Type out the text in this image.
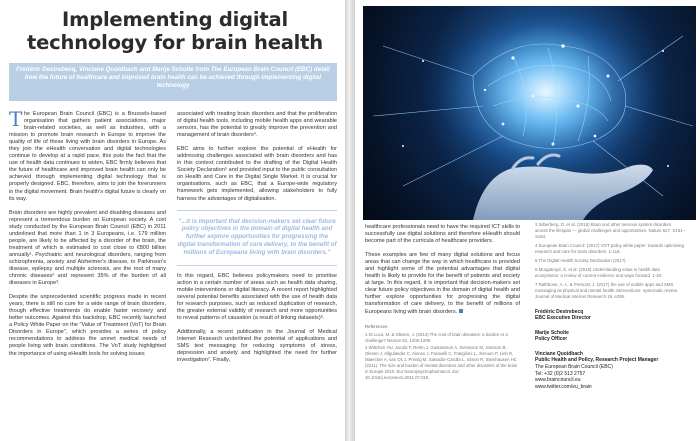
Implementing digital technology for brain health
Frédéric Destrebecq, Vinciane Quoidbach and Marije Scholte from The European Brain Council (EBC) detail how the future of healthcare and improved brain health can be achieved through implementing digital technology

The European Brain Council (EBC) is a Brussels-based organisation that gathers patient associations, major brain-related societies, as well as industries, with a mission to promote brain research in Europe to improve the quality of life of those living with brain disorders in Europe. As they join the eHealth conversation and digital technologies continue to develop at a rapid pace, this puts the fact that the use of health data continues to widen, EBC firmly believes that the future of healthcare and improved brain health can only be achieved through implementing digital technology that is properly designed. EBC, therefore, aims to join the forerunners in the digital movement. Brain health's digital future is clearly on its way.

Brain disorders are highly prevalent and disabling diseases and represent a tremendous burden on European society. A cost study conducted by the European Brain Council (EBC) in 2011 underlined that more than 1 in 3 Europeans, i.e. 179 million people, are likely to be affected by a disorder of the brain, the treatment of which is estimated to cost close to €800 billion annually¹. Psychiatric and neurological disorders, ranging from schizophrenia, anxiety and Alzheimer's disease, to Parkinson's disease, epilepsy and multiple sclerosis, are the root of many chronic diseases² and represent 35% of the burden of all diseases in Europe³.

Despite the unprecedented scientific progress made in recent years, there is still no cure for a wide range of brain disorders, though effective treatments do enable faster recovery and better outcomes. Against this backdrop, EBC recently launched a Policy White Paper on the "Value of Treatment (VoT) for Brain Disorders in Europe", which provides a series of policy recommendations to address the unmet medical needs of people living with brain conditions. The VoT study highlighted the importance of using eHealth tools for solving issues

associated with treating brain disorders and that the proliferation of digital health tools, including mobile health apps and wearable sensors, has the potential to greatly improve the prevention and management of brain disorders⁴.

EBC aims to further explore the potential of eHealth for addressing challenges associated with brain disorders and has in this context contributed to the drafting of the Digital Health Society Declaration⁵ and provided input to the public consultation on Health and Care in the Digital Single Market. It is crucial for organisations, such as EBC, that a Europe-wide regulatory framework gets implemented, allowing stakeholders to fully harness the advantages of digitalisation.

"...it is important that decision-makers set clear future policy objectives in the domain of digital health and further explore opportunities for progressing the digital transformation of care delivery, to the benefit of millions of Europeans living with brain disorders."

In this regard, EBC believes policymakers need to prioritise action in a certain number of areas such as health data sharing, mobile interventions or digital literacy. A recent report highlighted several potential benefits associated with the use of health data for research purposes, such as reduced duplication of research, the greater external validity of research and more opportunities to reveal patterns of causation (a result of linking datasets)⁶.

Additionally, a recent publication in the Journal of Medical Internet Research underlined the potential of applications and SMS text messaging for reducing symptoms of stress, depression and anxiety and highlighted the need for further investigation⁷. Finally,

healthcare professionals need to have the required ICT skills to successfully use digital solutions and therefore eHealth should become part of the curricula of healthcare providers.

These examples are few of many digital solutions and focus areas that can change the way in which healthcare is provided and highlight some of the potential advantages that digital health is likely to provide for the benefit of patients and society at large. In this regard, it is important that decision-makers set clear future policy objectives in the domain of digital health and further explore opportunities for progressing the digital transformation of care delivery, to the benefit of millions of Europeans living with brain disorders.

References

1 Di Luca, M. & Olesen, J. (2014) The cost of brain diseases: a burden or a challenge? Neuron 82, 1205-1208.

2 Wittchen HU, Jacobi F, Rehm J, Gustavsson A, Svensson M, Jönsson B, Olesen J, Allgulander C, Alonso J, Faravelli C, Fratiglioni L, Jennum P, Lieb R, Maercker A, van Os J, Preisig M, Salvador-Carulla L, Simon R, Steinhausen HC (2011). The size and burden of mental disorders and other disorders of the brain in Europe 2010. Eur Neuropsychopharmacol. doi: 10.1016/j.euroneuro.2011.07.018.

3 Silberberg, D. et al. (2015) Brain and other nervous system disorders across the lifespan — global challenges and opportunities. Nature 527, S151–S154.

4 European Brain Council. (2017) VOT policy white paper: towards optimising research and care for brain disorders. 1-116.

5 The Digital Health Society Declaration (2017).

6 Murgatroyd, S. et al. (2015) Understanding value in health data ecosystems: a review of current evidence and ways forward. 1-40.

7 Rathbone, A. L. & Prescott, J. (2017) the use of mobile apps and SMS messaging as physical and mental health interventions: systematic review. Journal of Medical Internet Research 19, e295.

Frédéric Destrebecq
EBC Executive Director
Marije Scholte
Policy Officer
Vinciane Quoidbach
Public Health and Policy, Research Project Manager
The European Brain Council (EBC)
Tel: +32 (0)2 513 2757
www.braincouncil.eu
www.twitter.com/eu_brain
